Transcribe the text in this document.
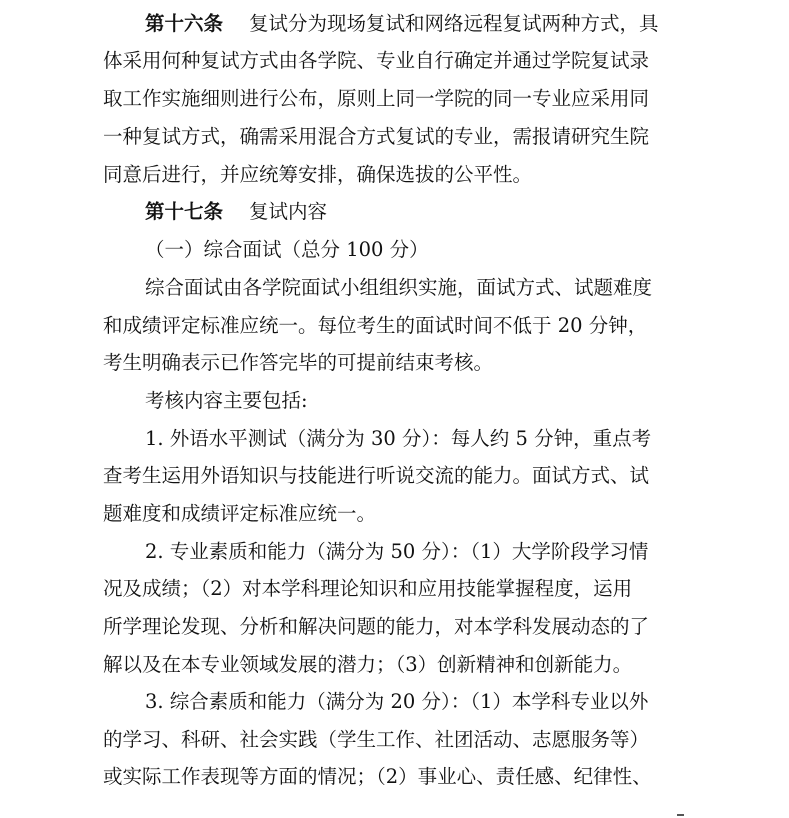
第十六条 复试分为现场复试和网络远程复试两种方式，具
体采用何种复试方式由各学院、专业自行确定并通过学院复试录
取工作实施细则进行公布，原则上同一学院的同一专业应采用同
一种复试方式，确需采用混合方式复试的专业，需报请研究生院
同意后进行，并应统筹安排，确保选拔的公平性。
第十七条 复试内容
（一）综合面试（总分 100 分）
综合面试由各学院面试小组组织实施，面试方式、试题难度
和成绩评定标准应统一。每位考生的面试时间不低于 20 分钟，
考生明确表示已作答完毕的可提前结束考核。
考核内容主要包括:
1. 外语水平测试（满分为 30 分）：每人约 5 分钟，重点考
查考生运用外语知识与技能进行听说交流的能力。面试方式、试
题难度和成绩评定标准应统一。
2. 专业素质和能力（满分为 50 分）：（1）大学阶段学习情
况及成绩；（2）对本学科理论知识和应用技能掌握程度，运用
所学理论发现、分析和解决问题的能力，对本学科发展动态的了
解以及在本专业领域发展的潜力；（3）创新精神和创新能力。
3. 综合素质和能力（满分为 20 分）：（1）本学科专业以外
的学习、科研、社会实践（学生工作、社团活动、志愿服务等）
或实际工作表现等方面的情况；（2）事业心、责任感、纪律性、
